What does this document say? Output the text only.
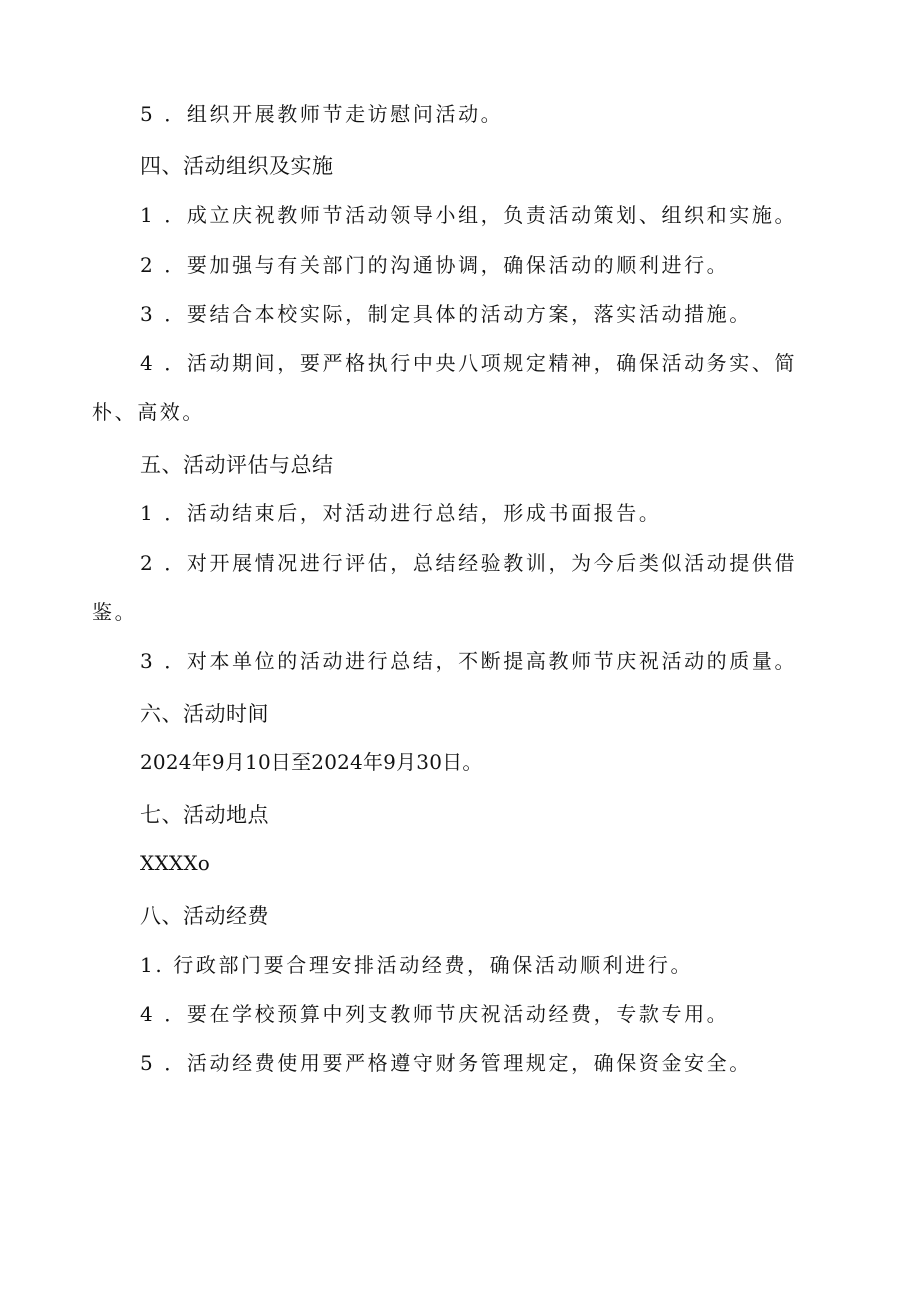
5 ．组织开展教师节走访慰问活动。
四、活动组织及实施
1 ．成立庆祝教师节活动领导小组，负责活动策划、组织和实施。
2 ．要加强与有关部门的沟通协调，确保活动的顺利进行。
3 ．要结合本校实际，制定具体的活动方案，落实活动措施。
4 ．活动期间，要严格执行中央八项规定精神，确保活动务实、简
朴、高效。
五、活动评估与总结
1 ．活动结束后，对活动进行总结，形成书面报告。
2 ．对开展情况进行评估，总结经验教训，为今后类似活动提供借
鉴。
3 ．对本单位的活动进行总结，不断提高教师节庆祝活动的质量。
六、活动时间
2024年9月10日至2024年9月30日。
七、活动地点
XXXXo
八、活动经费
1. 行政部门要合理安排活动经费，确保活动顺利进行。
4 ．要在学校预算中列支教师节庆祝活动经费，专款专用。
5 ．活动经费使用要严格遵守财务管理规定，确保资金安全。
